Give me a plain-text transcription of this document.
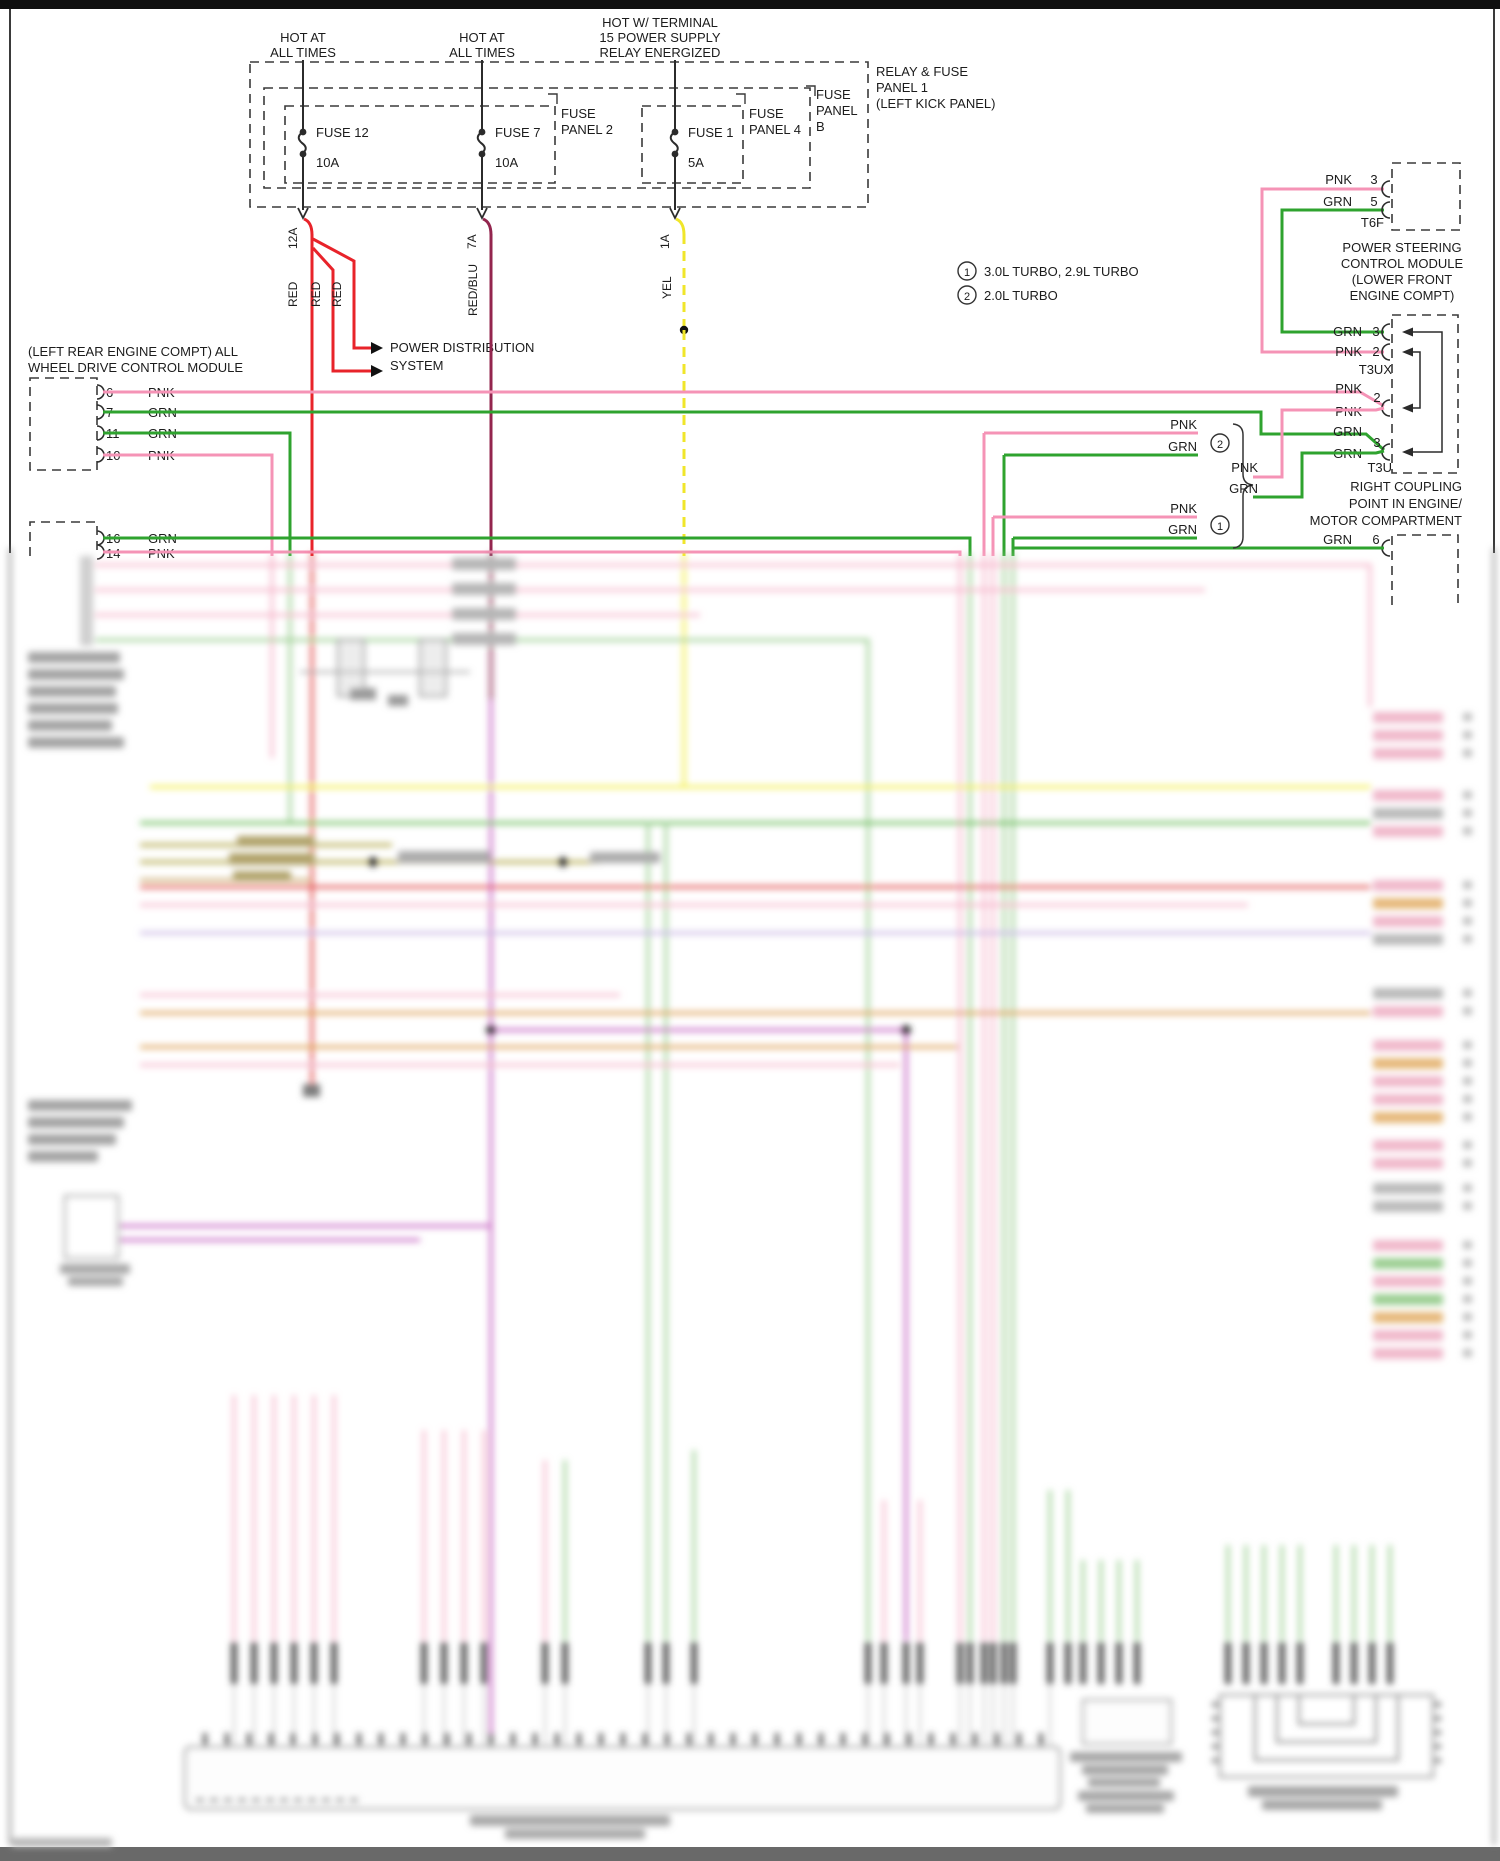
HOT AT
ALL TIMES
HOT AT
ALL TIMES
HOT W/ TERMINAL
15 POWER SUPPLY
RELAY ENERGIZED
FUSE
PANEL 2
FUSE
PANEL 4
FUSE
PANEL
B
RELAY & FUSE
PANEL 1
(LEFT KICK PANEL)
FUSE 12
10A
FUSE 7
10A
FUSE 1
5A
12A
RED RED RED
POWER DISTRIBUTION
SYSTEM
7A
RED/BLU
1A
YEL
1 3.0L TURBO, 2.9L TURBO
2 2.0L TURBO
(LEFT REAR ENGINE COMPT) ALL
WHEEL DRIVE CONTROL MODULE
6	PNK
7	GRN
11 GRN
10 PNK
16 GRN
14 PNK
PNK 3
GRN 5
T6F
POWER STEERING
CONTROL MODULE
(LOWER FRONT
ENGINE COMPT)
GRN 3
PNK 2
T3UX
PNK
2
PNK
GRN
3
GRN
T3U
RIGHT COUPLING
POINT IN ENGINE/
MOTOR COMPARTMENT
GRN 6
PNK
GRN
PNK
GRN
PNK
GRN
2
1
